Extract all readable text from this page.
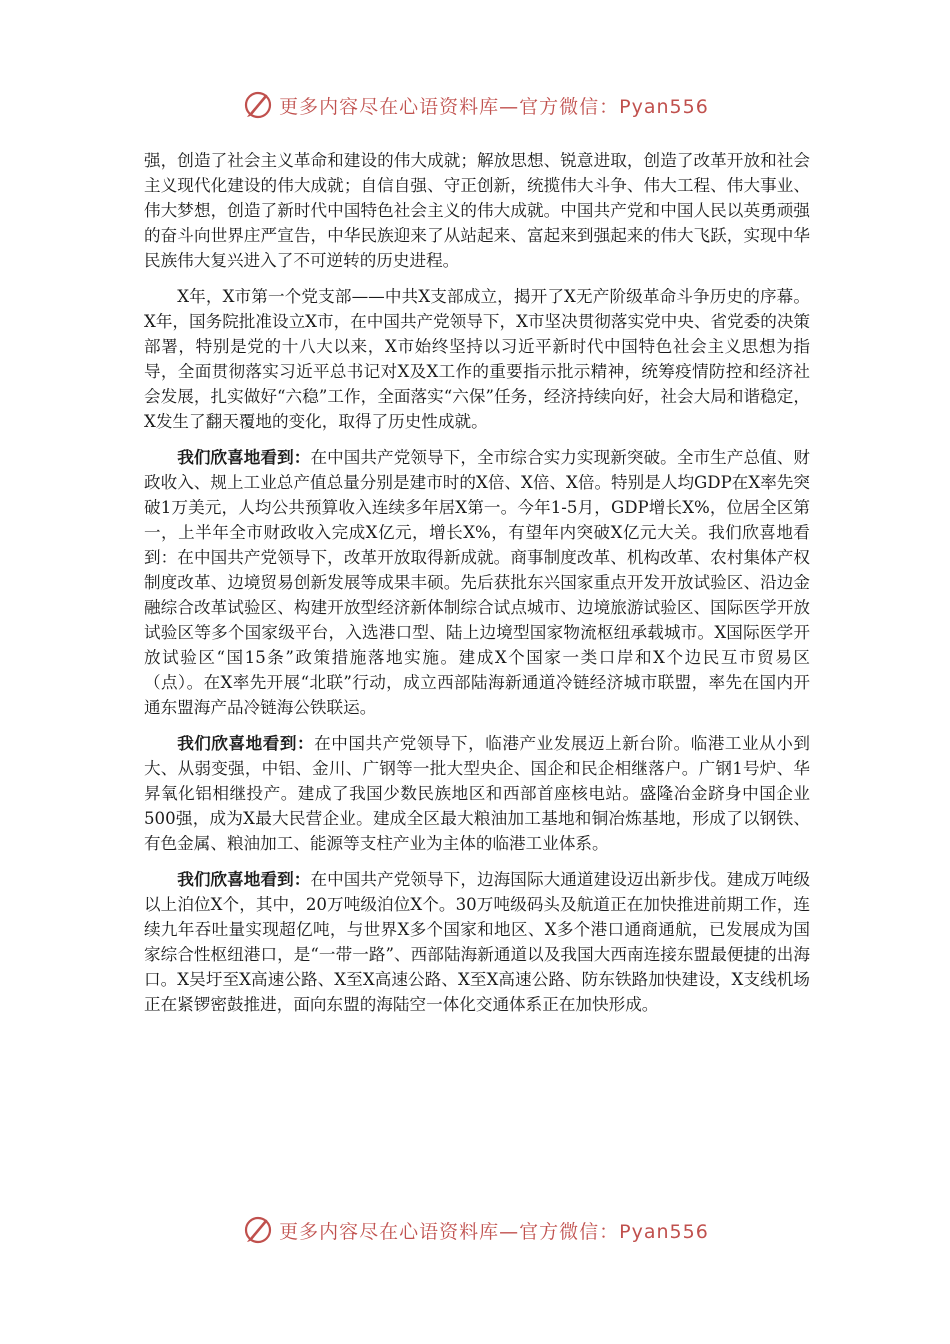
更多内容尽在心语资料库—官方微信：Pyan556

强，创造了社会主义革命和建设的伟大成就；解放思想、锐意进取，创造了改革开放和社会主义现代化建设的伟大成就；自信自强、守正创新，统揽伟大斗争、伟大工程、伟大事业、伟大梦想，创造了新时代中国特色社会主义的伟大成就。中国共产党和中国人民以英勇顽强的奋斗向世界庄严宣告，中华民族迎来了从站起来、富起来到强起来的伟大飞跃，实现中华民族伟大复兴进入了不可逆转的历史进程。

X年，X市第一个党支部——中共X支部成立，揭开了X无产阶级革命斗争历史的序幕。X年，国务院批准设立X市，在中国共产党领导下，X市坚决贯彻落实党中央、省党委的决策部署，特别是党的十八大以来，X市始终坚持以习近平新时代中国特色社会主义思想为指导，全面贯彻落实习近平总书记对X及X工作的重要指示批示精神，统筹疫情防控和经济社会发展，扎实做好“六稳”工作，全面落实“六保”任务，经济持续向好，社会大局和谐稳定，X发生了翻天覆地的变化，取得了历史性成就。

我们欣喜地看到：在中国共产党领导下，全市综合实力实现新突破。全市生产总值、财政收入、规上工业总产值总量分别是建市时的X倍、X倍、X倍。特别是人均GDP在X率先突破1万美元，人均公共预算收入连续多年居X第一。今年1-5月，GDP增长X%，位居全区第一，上半年全市财政收入完成X亿元，增长X%，有望年内突破X亿元大关。我们欣喜地看到：在中国共产党领导下，改革开放取得新成就。商事制度改革、机构改革、农村集体产权制度改革、边境贸易创新发展等成果丰硕。先后获批东兴国家重点开发开放试验区、沿边金融综合改革试验区、构建开放型经济新体制综合试点城市、边境旅游试验区、国际医学开放试验区等多个国家级平台，入选港口型、陆上边境型国家物流枢纽承载城市。X国际医学开放试验区“国15条”政策措施落地实施。建成X个国家一类口岸和X个边民互市贸易区（点）。在X率先开展“北联”行动，成立西部陆海新通道冷链经济城市联盟，率先在国内开通东盟海产品冷链海公铁联运。

我们欣喜地看到：在中国共产党领导下，临港产业发展迈上新台阶。临港工业从小到大、从弱变强，中铝、金川、广钢等一批大型央企、国企和民企相继落户。广钢1号炉、华昇氧化铝相继投产。建成了我国少数民族地区和西部首座核电站。盛隆冶金跻身中国企业500强，成为X最大民营企业。建成全区最大粮油加工基地和铜冶炼基地，形成了以钢铁、有色金属、粮油加工、能源等支柱产业为主体的临港工业体系。

我们欣喜地看到：在中国共产党领导下，边海国际大通道建设迈出新步伐。建成万吨级以上泊位X个，其中，20万吨级泊位X个。30万吨级码头及航道正在加快推进前期工作，连续九年吞吐量实现超亿吨，与世界X多个国家和地区、X多个港口通商通航，已发展成为国家综合性枢纽港口，是“一带一路”、西部陆海新通道以及我国大西南连接东盟最便捷的出海口。X吴圩至X高速公路、X至X高速公路、X至X高速公路、防东铁路加快建设，X支线机场正在紧锣密鼓推进，面向东盟的海陆空一体化交通体系正在加快形成。

更多内容尽在心语资料库—官方微信：Pyan556
